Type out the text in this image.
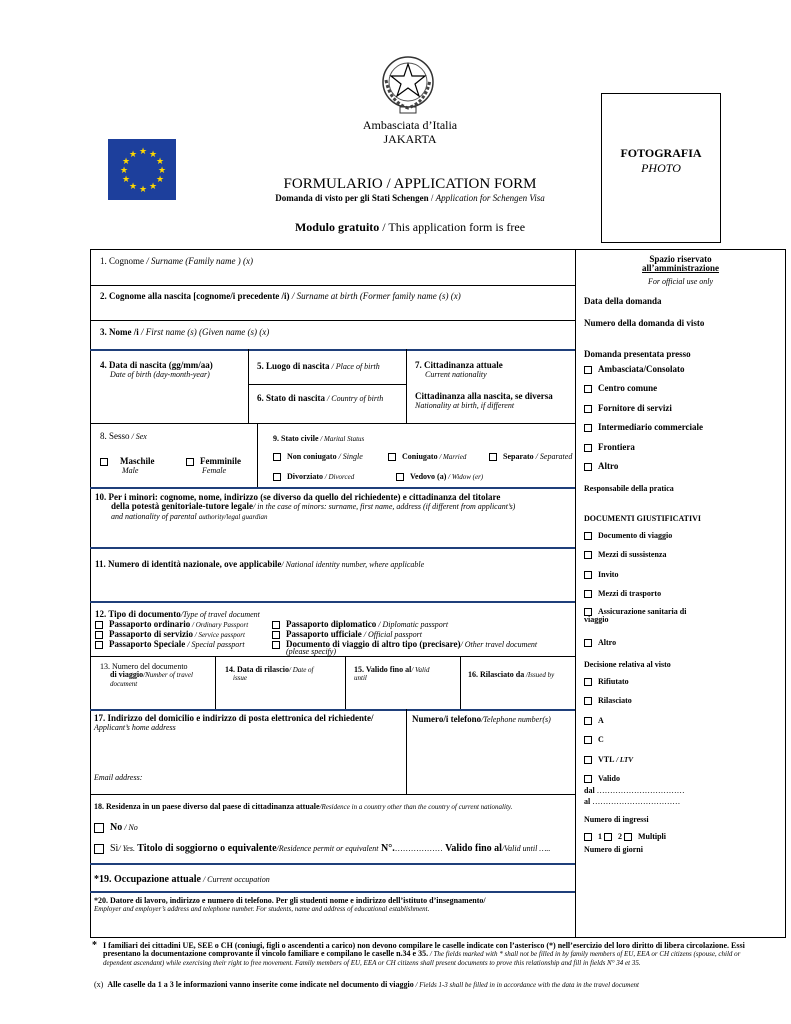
Ambasciata d’Italia
JAKARTA
★ ★
★
★
★
★
★
★
★
★
★
★	FOTOGRAFIA
PHOTO
FORMULARIO / APPLICATION FORM
Domanda di visto per gli Stati Schengen / Application for Schengen Visa
Modulo gratuito / This application form is free
1. Cognome / Surname (Family name ) (x)
2. Cognome alla nascita [cognome/i precedente /i) / Surname at birth (Former family name (s) (x)
3. Nome /i / First name (s) (Given name (s) (x)
4. Data di nascita (gg/mm/aa)
Date of birth (day-month-year)
5. Luogo di nascita / Place of birth
6. Stato di nascita / Country of birth
7. Cittadinanza attuale
Current nationality
Cittadinanza alla nascita, se diversa
Nationality at birth, if different
8. Sesso / Sex
Maschile
Male
Femminile
Female
9. Stato civile / Marital Status
Non coniugato / Single	Coniugato / Married	Separato / Separated
Divorziato / Divorced	Vedovo (a) / Widow (er)
10. Per i minori: cognome, nome, indirizzo (se diverso da quello del richiedente) e cittadinanza del titolare
della potestà genitoriale-tutore legale/ in the case of minors: surname, first name, address (if different from applicant’s)
and nationality of parental authority/legal guardian
11. Numero di identità nazionale, ove applicabile/ National identity number, where applicable
12. Tipo di documento/Type of travel document
Passaporto ordinario / Ordinary Passport
Passaporto di servizio / Service passport
Passaporto Speciale / Special passport
Passaporto diplomatico / Diplomatic passport
Passaporto ufficiale / Official passport
Documento di viaggio di altro tipo (precisare)/ Other travel document
(please specify)
13. Numero del documento
di viaggio/Number of travel
document
14. Data di rilascio/ Date of
issue
15. Valido fino al/ Valid
until	16. Rilasciato da /Issued by
17. Indirizzo del domicilio e indirizzo di posta elettronica del richiedente/
Applicant’s home address
Email address:
Numero/i telefono/Telephone number(s)
18. Residenza in un paese diverso dal paese di cittadinanza attuale/Residence in a country other than the country of current nationality.
No / No
Sì/ Yes. Titolo di soggiorno o equivalente/Residence permit or equivalent N°.……………… Valido fino al/Valid until …..
*19. Occupazione attuale / Current occupation
*20. Datore di lavoro, indirizzo e numero di telefono. Per gli studenti nome e indirizzo dell’istituto d’insegnamento/
Employer and employer’s address and telephone number. For students, name and address of educational establishment.
Spazio riservato
all’amministrazione
For official use only
Data della domanda
Numero della domanda di visto
Domanda presentata presso
Ambasciata/Consolato
Centro comune
Fornitore di servizi
Intermediario commerciale
Frontiera
Altro
Responsabile della pratica
DOCUMENTI GIUSTIFICATIVI
Documento di viaggio
Mezzi di sussistenza
Invito
Mezzi di trasporto
Assicurazione sanitaria di
viaggio
Altro
Decisione relativa al visto
Rifiutato
Rilasciato
A
C
VTL / LTV
Valido
dal ……………………………
al ……………………………
Numero di ingressi
1 2 Multipli
Numero di giorni
* I familiari dei cittadini UE, SEE o CH (coniugi, figli o ascendenti a carico) non devono compilare le caselle indicate con l’asterisco (*) nell’esercizio del loro diritto di libera circolazione. Essi presentano la documentazione comprovante il vincolo familiare e compilano le caselle n.34 e 35. / The fields marked with * shall not be filled in by family members of EU, EEA or CH citizens (spouse, child or dependent ascendant) while exercising their right to free movement. Family members of EU, EEA or CH citizens shall present documents to prove this relationship and fill in fields N° 34 et 35.
(x) Alle caselle da 1 a 3 le informazioni vanno inserite come indicate nel documento di viaggio / Fields 1-3 shall be filled in in accordance with the data in the travel document
